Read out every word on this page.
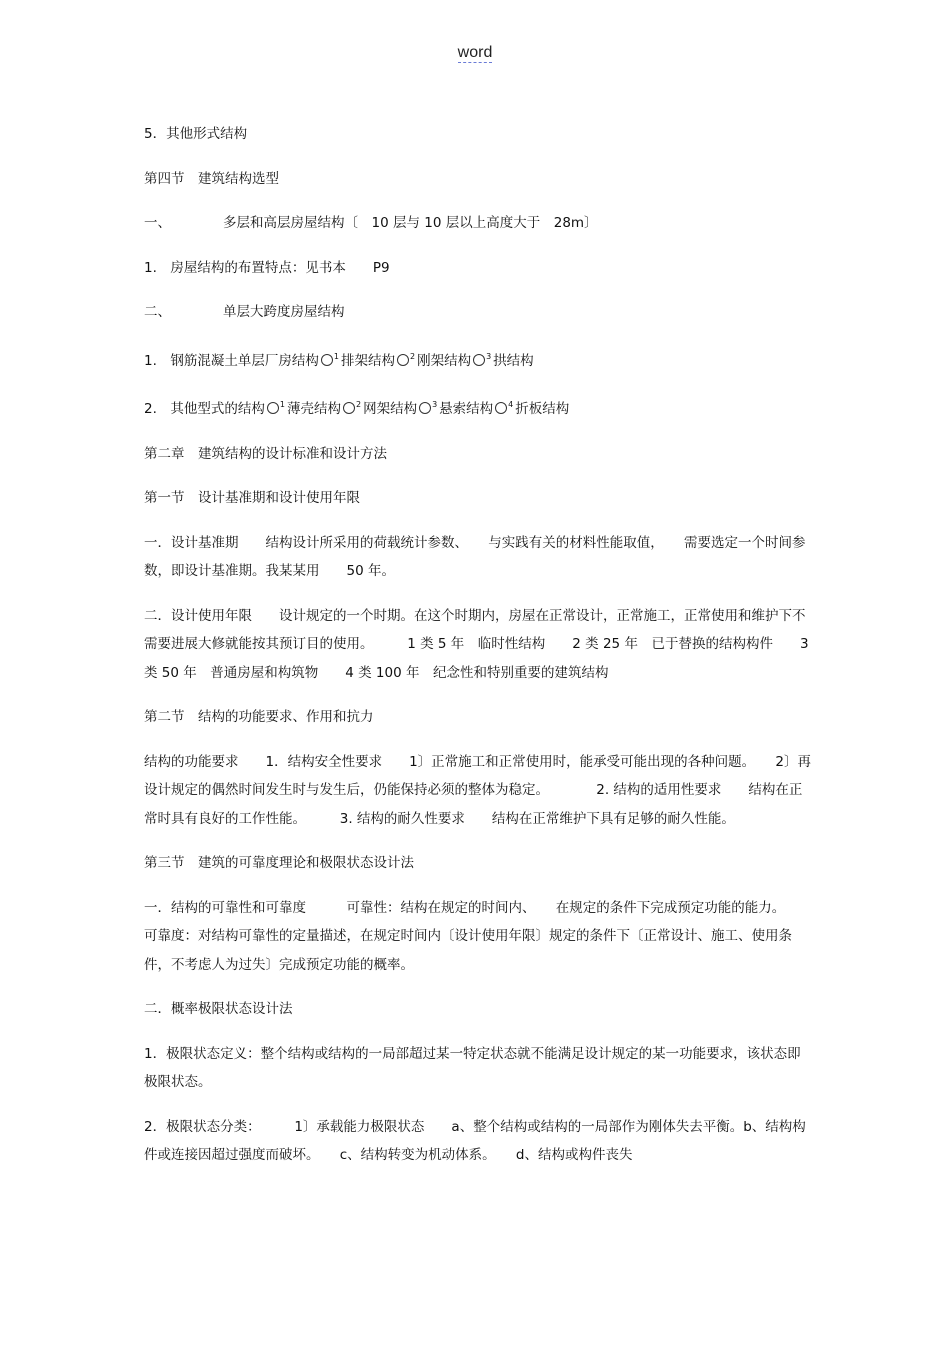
word

5．其他形式结构

第四节　建筑结构选型

一、	多层和高层房屋结构〔　10 层与 10 层以上高度大于　28m〕

1.　房屋结构的布置特点：见书本　　P9

二、	单层大跨度房屋结构

1.　钢筋混凝土单层厂房结构 $^1$ 排架结构 $^2$ 刚架结构 $^3$ 拱结构

2.　其他型式的结构 $^1$ 薄壳结构 $^2$ 网架结构 $^3$ 悬索结构 $^4$ 折板结构

第二章　建筑结构的设计标准和设计方法

第一节　设计基准期和设计使用年限

一．设计基准期　　结构设计所采用的荷载统计参数、　　与实践有关的材料性能取值，　　需要选定一个时间参数，即设计基准期。我某某用　　50 年。

二．设计使用年限　　设计规定的一个时期。在这个时期内，房屋在正常设计，正常施工，正常使用和维护下不需要进展大修就能按其预订目的使用。　　　1 类 5 年　临时性结构　　2 类 25 年　已于替换的结构构件　　3 类 50 年　普通房屋和构筑物　　4 类 100 年　纪念性和特别重要的建筑结构

第二节　结构的功能要求、作用和抗力

结构的功能要求　　1．结构安全性要求　　1〕正常施工和正常使用时，能承受可能出现的各种问题。　　2〕再设计规定的偶然时间发生时与发生后，仍能保持必须的整体为稳定。　　　　2. 结构的适用性要求　　结构在正常时具有良好的工作性能。　　　3. 结构的耐久性要求　　结构在正常维护下具有足够的耐久性能。

第三节　建筑的可靠度理论和极限状态设计法

一．结构的可靠性和可靠度　　　可靠性：结构在规定的时间内、　　在规定的条件下完成预定功能的能力。　　可靠度：对结构可靠性的定量描述，在规定时间内〔设计使用年限〕规定的条件下〔正常设计、施工、使用条件，不考虑人为过失〕完成预定功能的概率。

二．概率极限状态设计法

1．极限状态定义：整个结构或结构的一局部超过某一特定状态就不能满足设计规定的某一功能要求，该状态即极限状态。

2．极限状态分类：　　　1〕承载能力极限状态　　a、整个结构或结构的一局部作为刚体失去平衡。b、结构构件或连接因超过强度而破坏。　　c、结构转变为机动体系。　　d、结构或构件丧失
